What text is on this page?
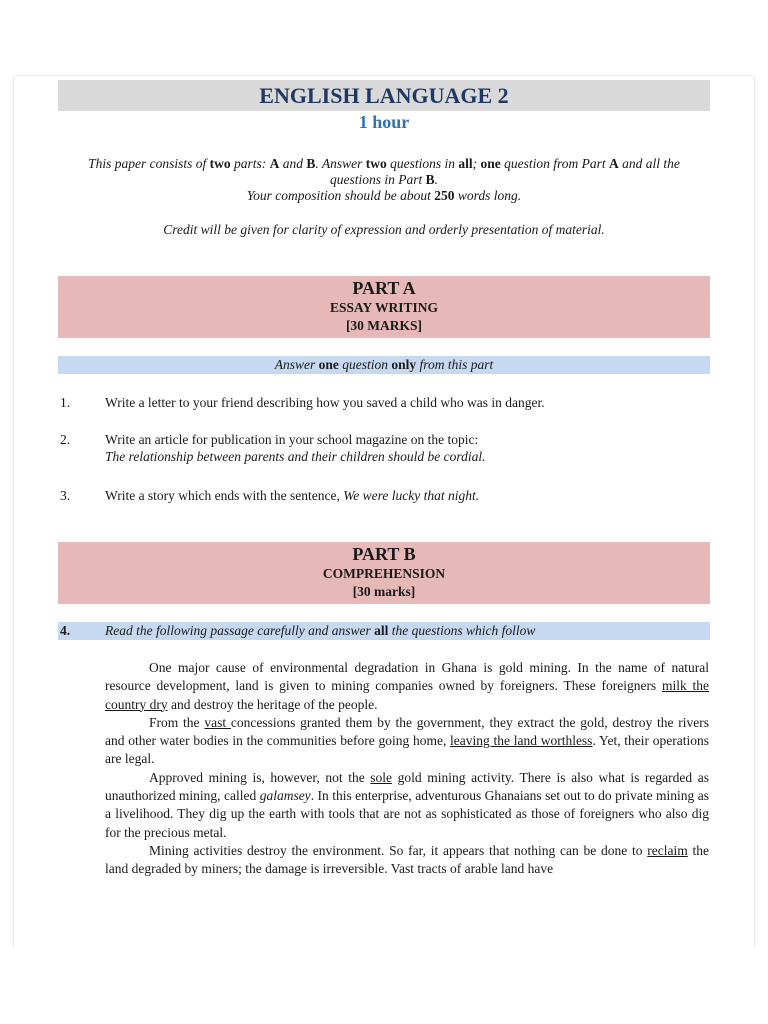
ENGLISH LANGUAGE 2
1 hour
This paper consists of two parts: A and B. Answer two questions in all; one question from Part A and all the
questions in Part B.
Your composition should be about 250 words long.
Credit will be given for clarity of expression and orderly presentation of material.
PART A
ESSAY WRITING
[30 MARKS]
Answer one question only from this part
1.	Write a letter to your friend describing how you saved a child who was in danger.
2.	Write an article for publication in your school magazine on the topic:
The relationship between parents and their children should be cordial.
3.	Write a story which ends with the sentence, We were lucky that night.
PART B
COMPREHENSION
[30 marks]
4.	Read the following passage carefully and answer all the questions which follow

One major cause of environmental degradation in Ghana is gold mining. In the name of natural resource development, land is given to mining companies owned by foreigners. These foreigners milk the country dry and destroy the heritage of the people.

From the vast concessions granted them by the government, they extract the gold, destroy the rivers and other water bodies in the communities before going home, leaving the land worthless. Yet, their operations are legal.

Approved mining is, however, not the sole gold mining activity. There is also what is regarded as unauthorized mining, called galamsey. In this enterprise, adventurous Ghanaians set out to do private mining as a livelihood. They dig up the earth with tools that are not as sophisticated as those of foreigners who also dig for the precious metal.

Mining activities destroy the environment. So far, it appears that nothing can be done to reclaim the land degraded by miners; the damage is irreversible. Vast tracts of arable land have
